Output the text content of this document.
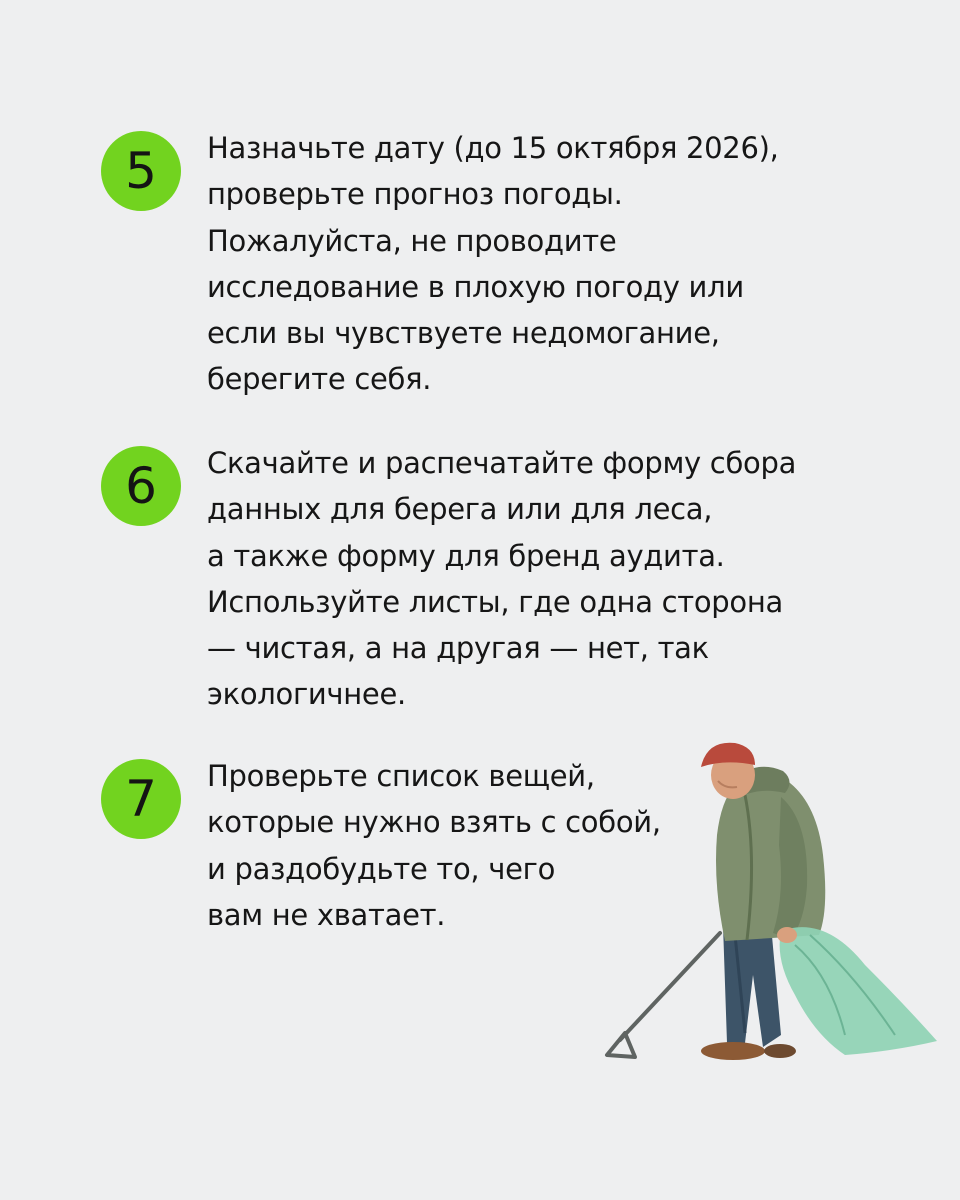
5	Назначьте дату (до 15 октября 2026),
проверьте прогноз погоды.
Пожалуйста, не проводите
исследование в плохую погоду или
если вы чувствуете недомогание,
берегите себя.

6	Скачайте и распечатайте форму сбора
данных для берега или для леса,
а также форму для бренд аудита.
Используйте листы, где одна сторона
— чистая, а на другая — нет, так
экологичнее.

7	Проверьте список вещей,
которые нужно взять с собой,
и раздобудьте то, чего
вам не хватает.
